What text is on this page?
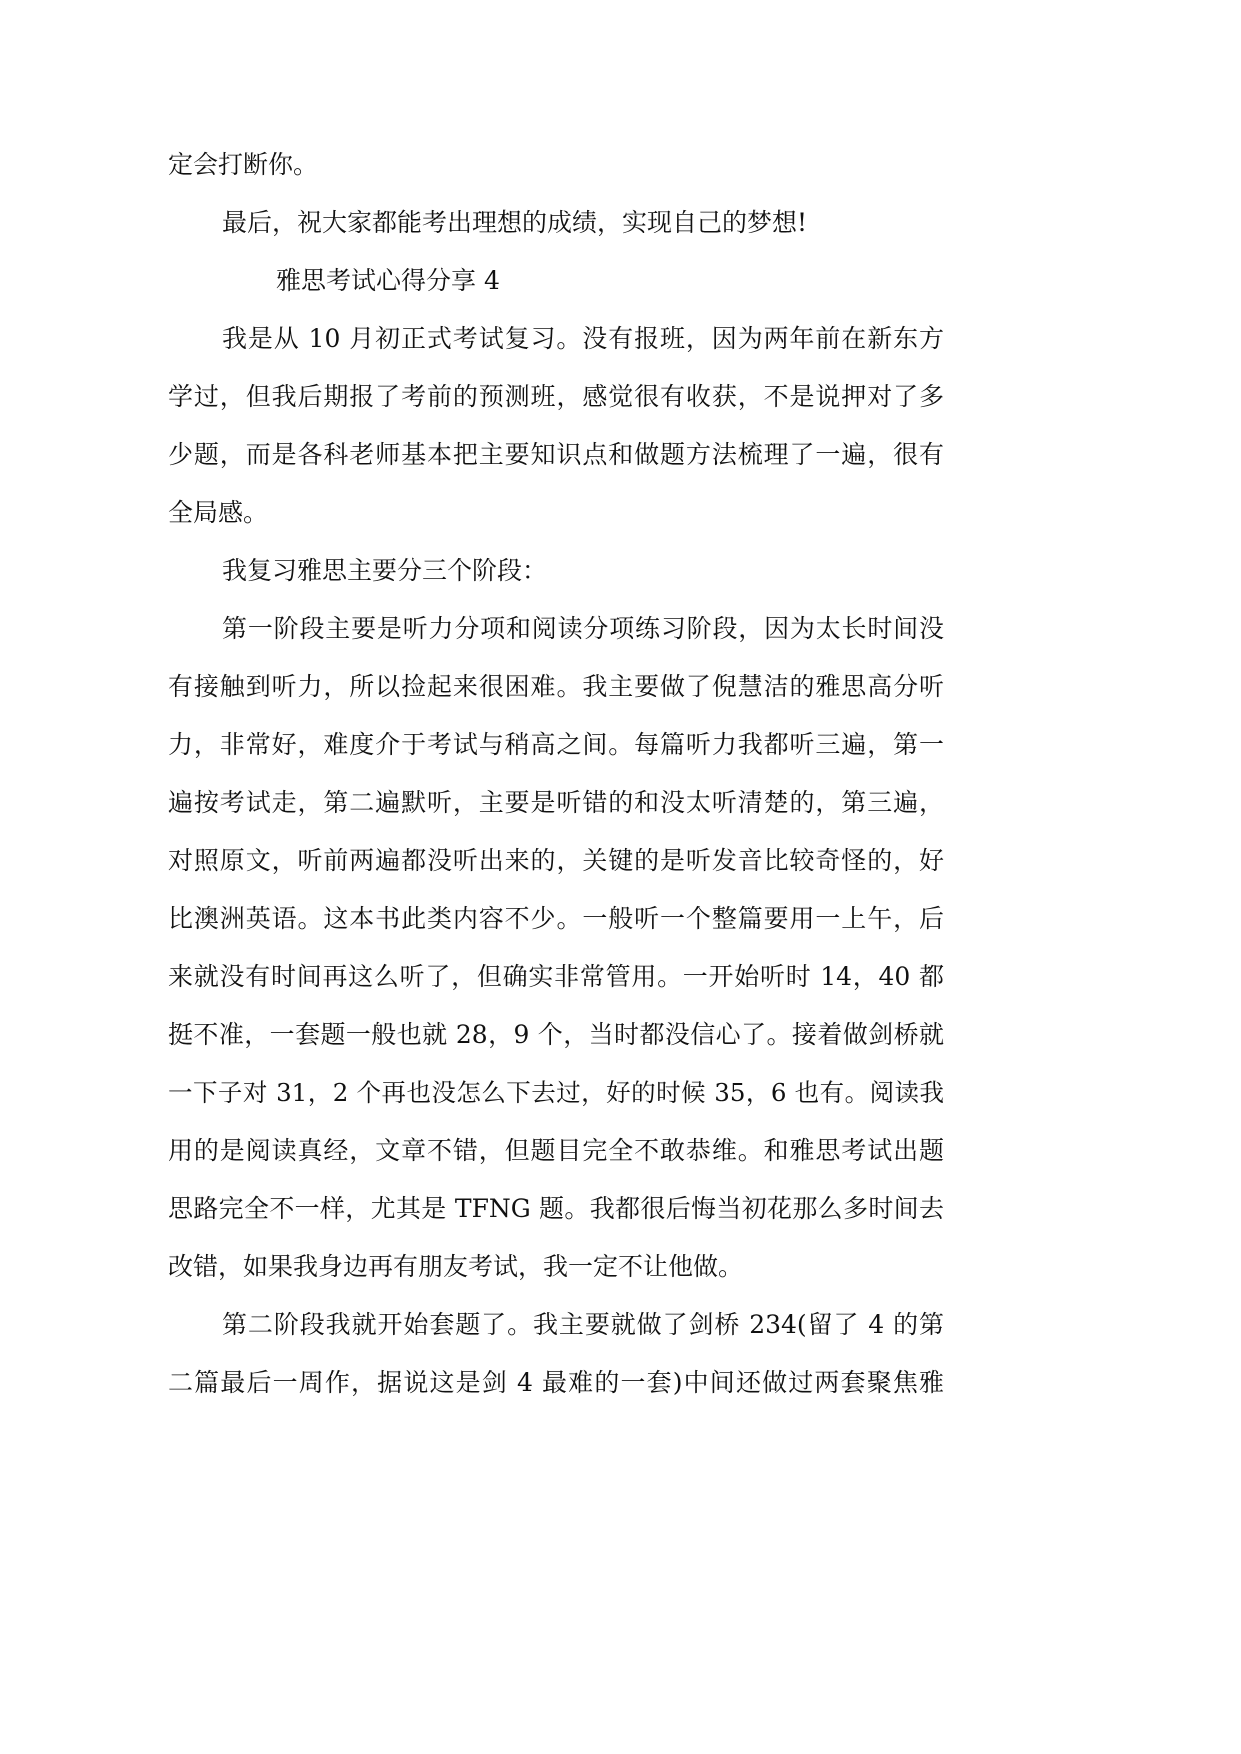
定会打断你。
最后，祝大家都能考出理想的成绩，实现自己的梦想!
雅思考试心得分享 4
我是从 10 月初正式考试复习。没有报班，因为两年前在新东方
学过，但我后期报了考前的预测班，感觉很有收获，不是说押对了多
少题，而是各科老师基本把主要知识点和做题方法梳理了一遍，很有
全局感。
我复习雅思主要分三个阶段：
第一阶段主要是听力分项和阅读分项练习阶段，因为太长时间没
有接触到听力，所以捡起来很困难。我主要做了倪慧洁的雅思高分听
力，非常好，难度介于考试与稍高之间。每篇听力我都听三遍，第一
遍按考试走，第二遍默听，主要是听错的和没太听清楚的，第三遍，
对照原文，听前两遍都没听出来的，关键的是听发音比较奇怪的，好
比澳洲英语。这本书此类内容不少。一般听一个整篇要用一上午，后
来就没有时间再这么听了，但确实非常管用。一开始听时 14，40 都
挺不准，一套题一般也就 28，9 个，当时都没信心了。接着做剑桥就
一下子对 31，2 个再也没怎么下去过，好的时候 35，6 也有。阅读我
用的是阅读真经，文章不错，但题目完全不敢恭维。和雅思考试出题
思路完全不一样，尤其是 TFNG 题。我都很后悔当初花那么多时间去
改错，如果我身边再有朋友考试，我一定不让他做。
第二阶段我就开始套题了。我主要就做了剑桥 234(留了 4 的第
二篇最后一周作，据说这是剑 4 最难的一套)中间还做过两套聚焦雅
